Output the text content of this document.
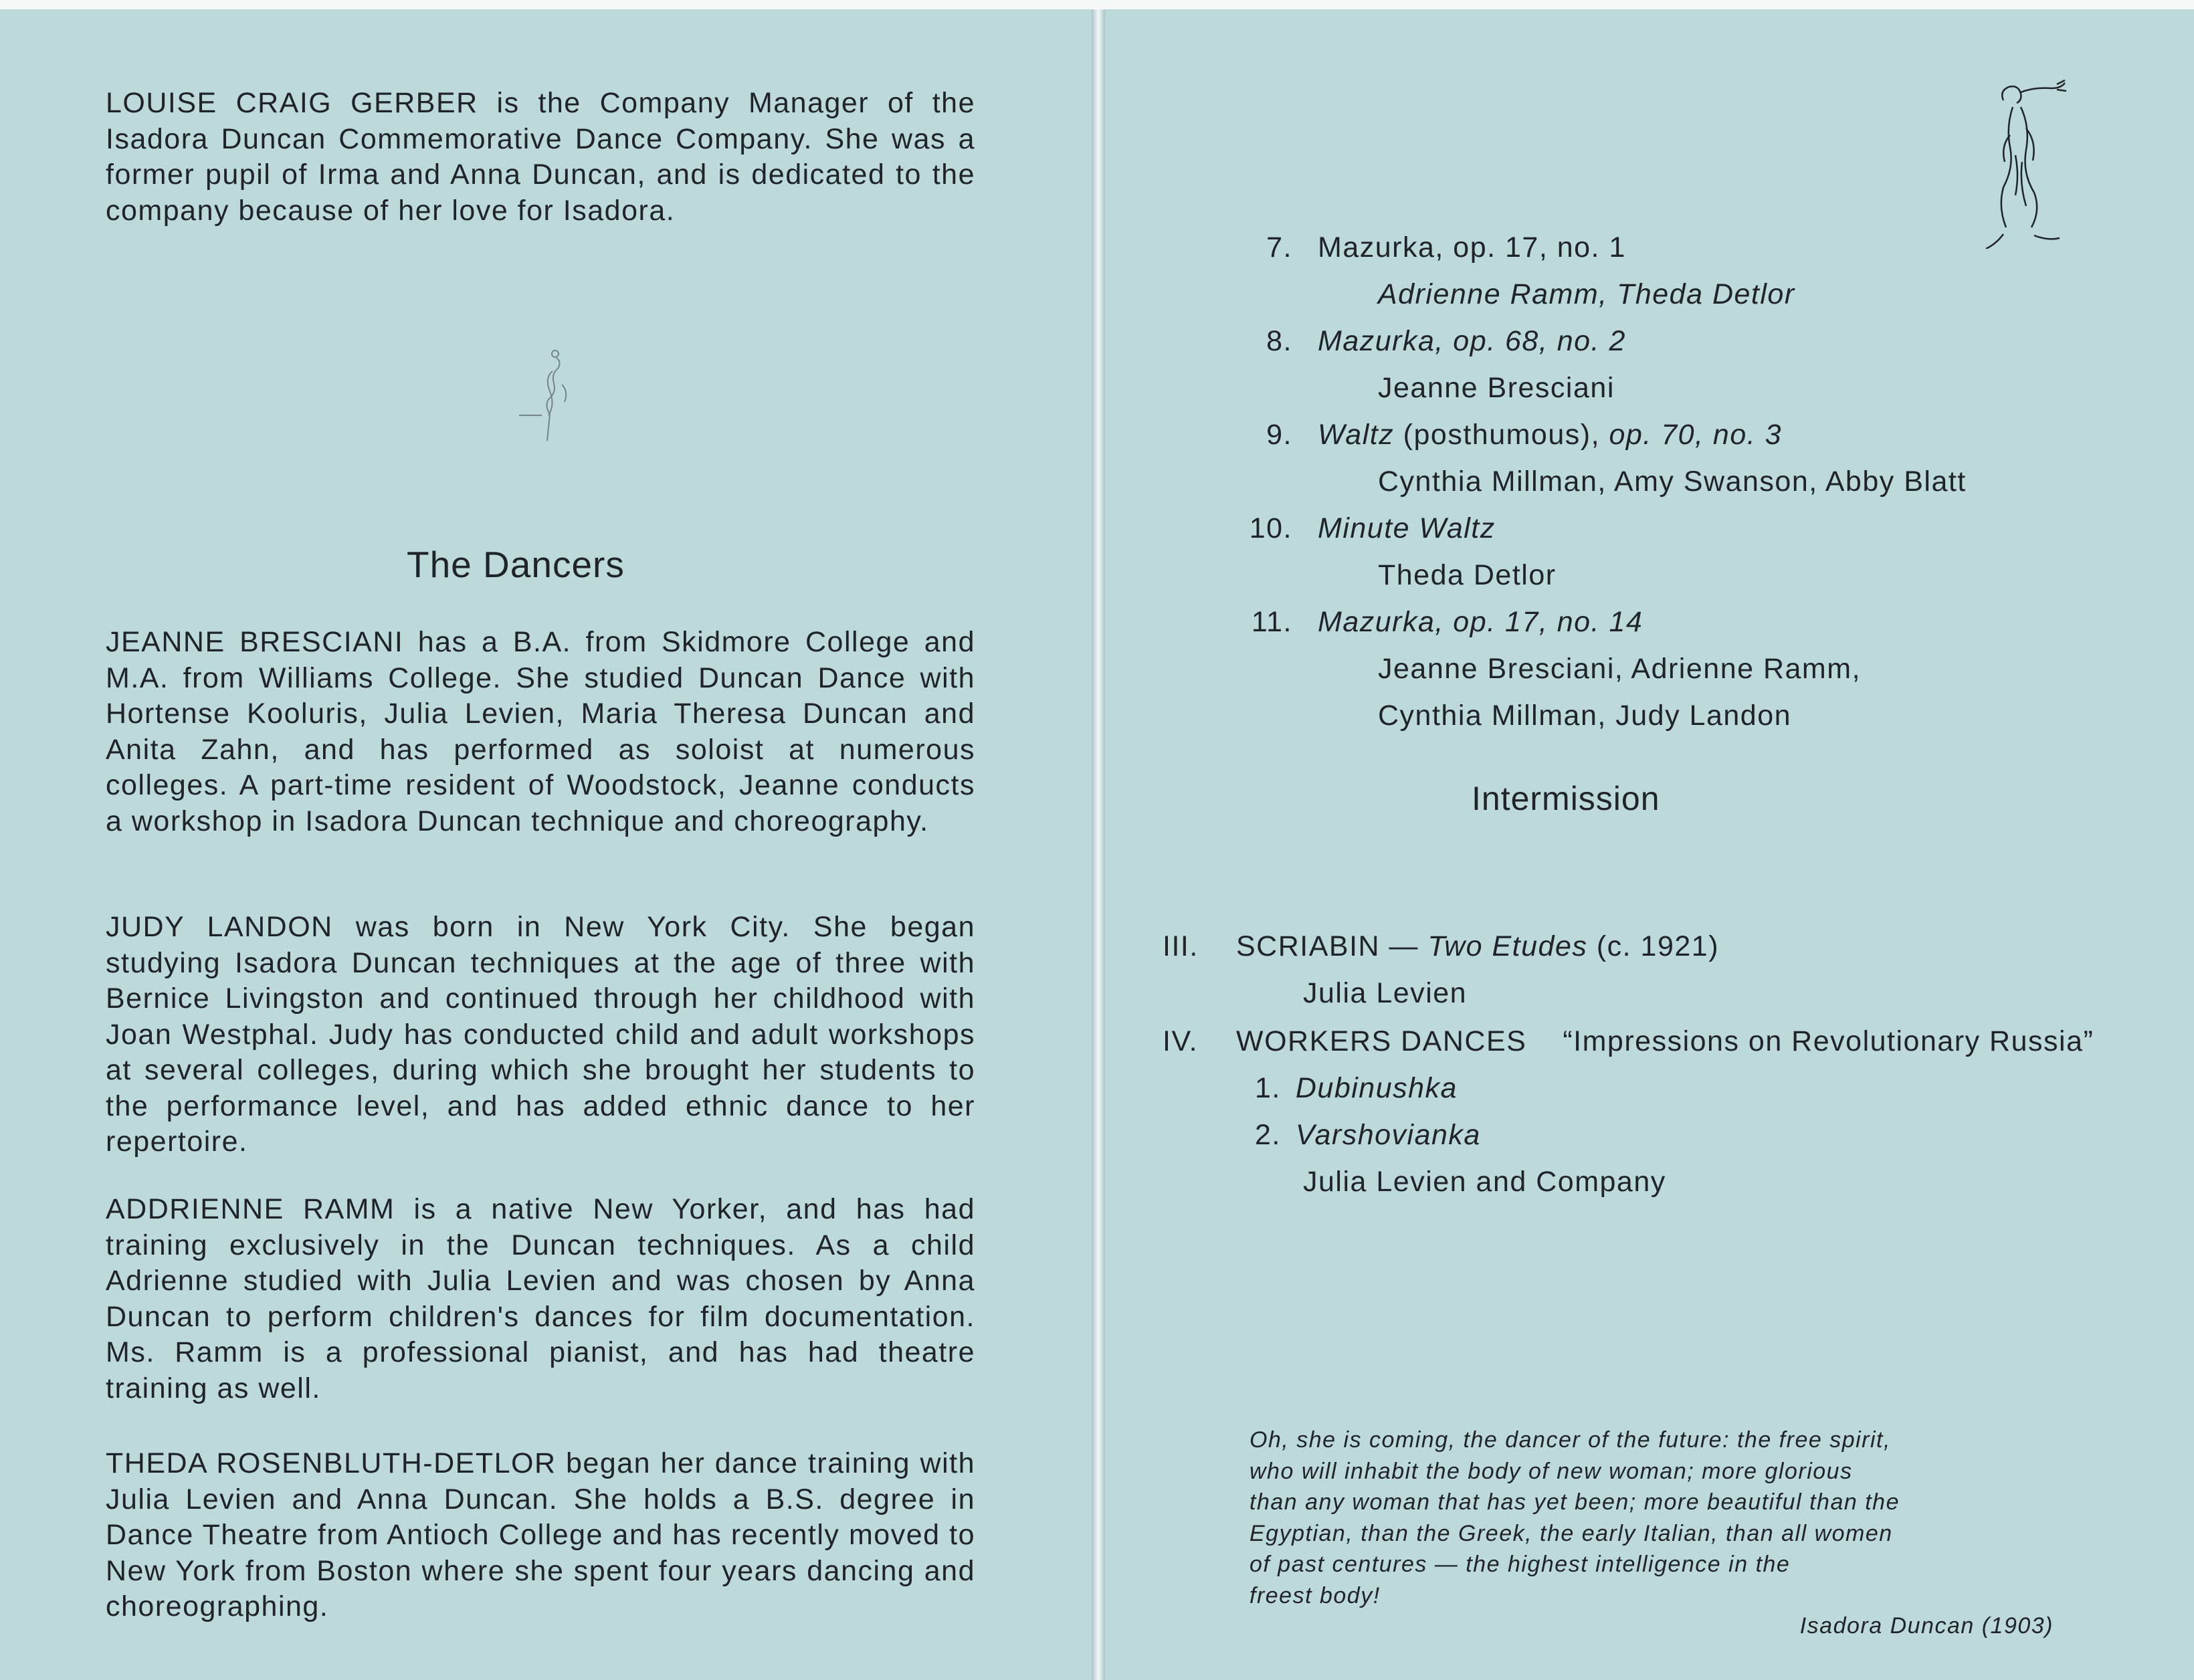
LOUISE CRAIG GERBER is the Company Manager of the Isadora Duncan Commemorative Dance Company. She was a former pupil of Irma and Anna Duncan, and is dedicated to the company because of her love for Isadora.

The Dancers

JEANNE BRESCIANI has a B.A. from Skidmore College and M.A. from Williams College. She studied Duncan Dance with Hortense Kooluris, Julia Levien, Maria Theresa Duncan and Anita Zahn, and has performed as soloist at numerous colleges. A part-time resident of Woodstock, Jeanne conducts a workshop in Isadora Duncan technique and choreography.

JUDY LANDON was born in New York City. She began studying Isadora Duncan techniques at the age of three with Bernice Livingston and continued through her childhood with Joan Westphal. Judy has conducted child and adult workshops at several colleges, during which she brought her students to the performance level, and has added ethnic dance to her repertoire.

ADDRIENNE RAMM is a native New Yorker, and has had training exclusively in the Duncan techniques. As a child Adrienne studied with Julia Levien and was chosen by Anna Duncan to perform children's dances for film documentation. Ms. Ramm is a professional pianist, and has had theatre training as well.

THEDA ROSENBLUTH-DETLOR began her dance training with Julia Levien and Anna Duncan. She holds a B.S. degree in Dance Theatre from Antioch College and has recently moved to New York from Boston where she spent four years dancing and choreographing.

7. Mazurka, op. 17, no. 1
Adrienne Ramm, Theda Detlor
8. Mazurka, op. 68, no. 2
Jeanne Bresciani
9. Waltz (posthumous), op. 70, no. 3
Cynthia Millman, Amy Swanson, Abby Blatt
10. Minute Waltz
Theda Detlor
11. Mazurka, op. 17, no. 14
Jeanne Bresciani, Adrienne Ramm,
Cynthia Millman, Judy Landon
Intermission
III. SCRIABIN — Two Etudes (c. 1921)
Julia Levien
IV. WORKERS DANCES “Impressions on Revolutionary Russia”
1. Dubinushka
2. Varshovianka
Julia Levien and Company

Oh, she is coming, the dancer of the future: the free spirit,
who will inhabit the body of new woman; more glorious
than any woman that has yet been; more beautiful than the
Egyptian, than the Greek, the early Italian, than all women
of past centures — the highest intelligence in the
freest body!

Isadora Duncan (1903)
